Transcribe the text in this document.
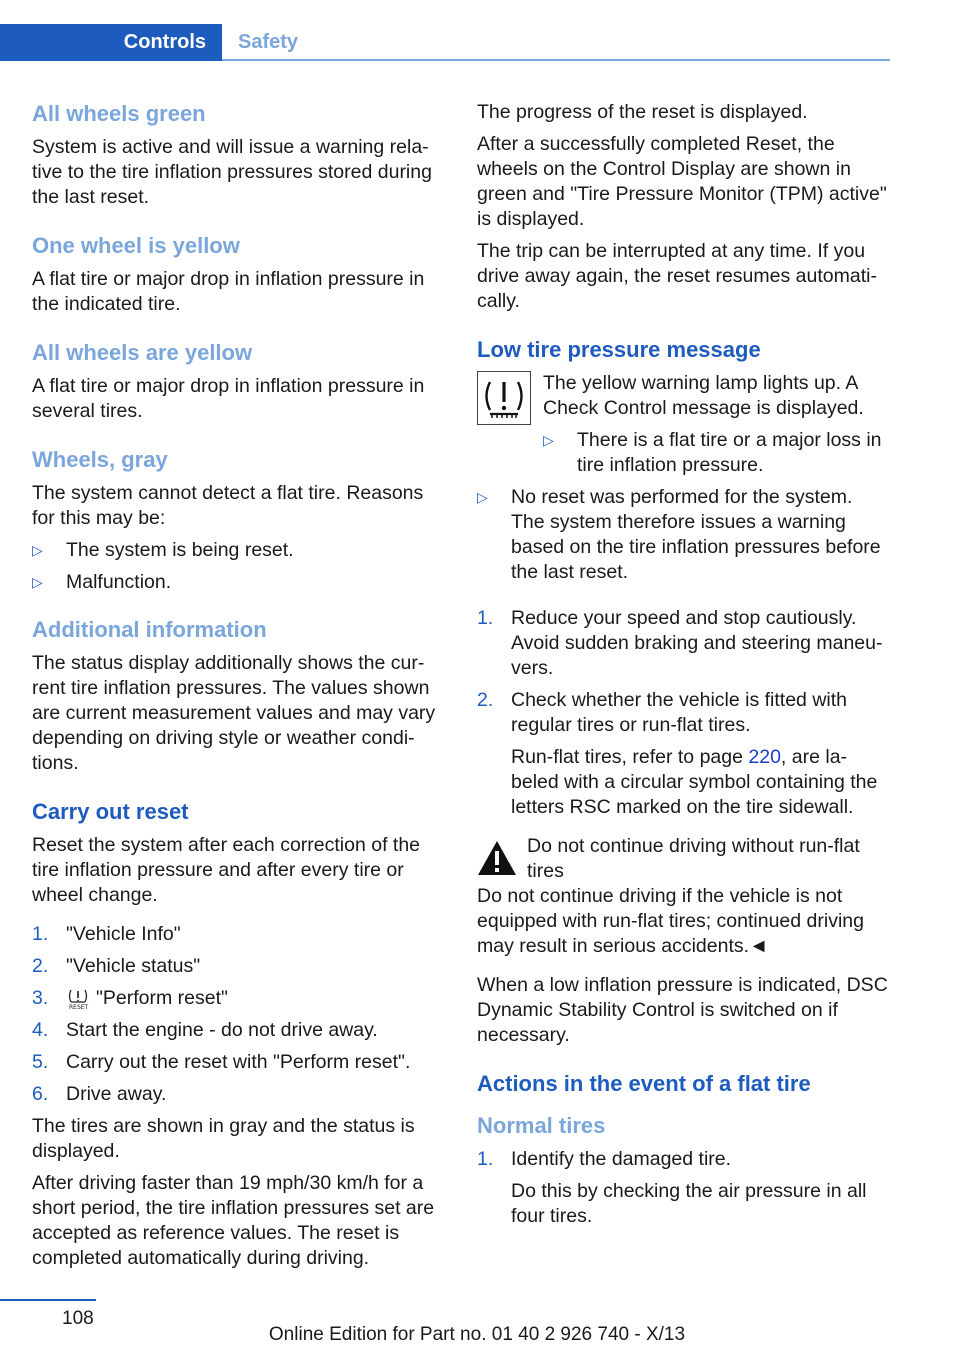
Controls Safety
All wheels green

System is active and will issue a warning rela-tive to the tire inflation pressures stored during the last reset.

One wheel is yellow

A flat tire or major drop in inflation pressure in the indicated tire.

All wheels are yellow

A flat tire or major drop in inflation pressure in several tires.

Wheels, gray

The system cannot detect a flat tire. Reasons for this may be:

▷ The system is being reset.
▷ Malfunction.
Additional information

The status display additionally shows the cur-rent tire inflation pressures. The values shown are current measurement values and may vary depending on driving style or weather condi-tions.

Carry out reset

Reset the system after each correction of the tire inflation pressure and after every tire or wheel change.

1. "Vehicle Info"
2. "Vehicle status"
3.	RESET "Perform reset"
4. Start the engine - do not drive away.
5. Carry out the reset with "Perform reset".
6. Drive away.

The tires are shown in gray and the status is displayed.

After driving faster than 19 mph/30 km/h for a short period, the tire inflation pressures set are accepted as reference values. The reset is completed automatically during driving.

The progress of the reset is displayed.

After a successfully completed Reset, the wheels on the Control Display are shown in green and "Tire Pressure Monitor (TPM) active" is displayed.

The trip can be interrupted at any time. If you drive away again, the reset resumes automati-cally.

Low tire pressure message

The yellow warning lamp lights up. A Check Control message is displayed.

▷ There is a flat tire or a major loss in tire inflation pressure.
▷ No reset was performed for the system. The system therefore issues a warning based on the tire inflation pressures before the last reset.
1. Reduce your speed and stop cautiously. Avoid sudden braking and steering maneu-vers.
2. Check whether the vehicle is fitted with regular tires or run-flat tires.

Run-flat tires, refer to page 220, are la-beled with a circular symbol containing the letters RSC marked on the tire sidewall.

Do not continue driving without run-flat tires

Do not continue driving if the vehicle is not equipped with run-flat tires; continued driving may result in serious accidents.◄

When a low inflation pressure is indicated, DSC Dynamic Stability Control is switched on if necessary.

Actions in the event of a flat tire
Normal tires
1. Identify the damaged tire.

Do this by checking the air pressure in all four tires.

108
Online Edition for Part no. 01 40 2 926 740 - X/13
